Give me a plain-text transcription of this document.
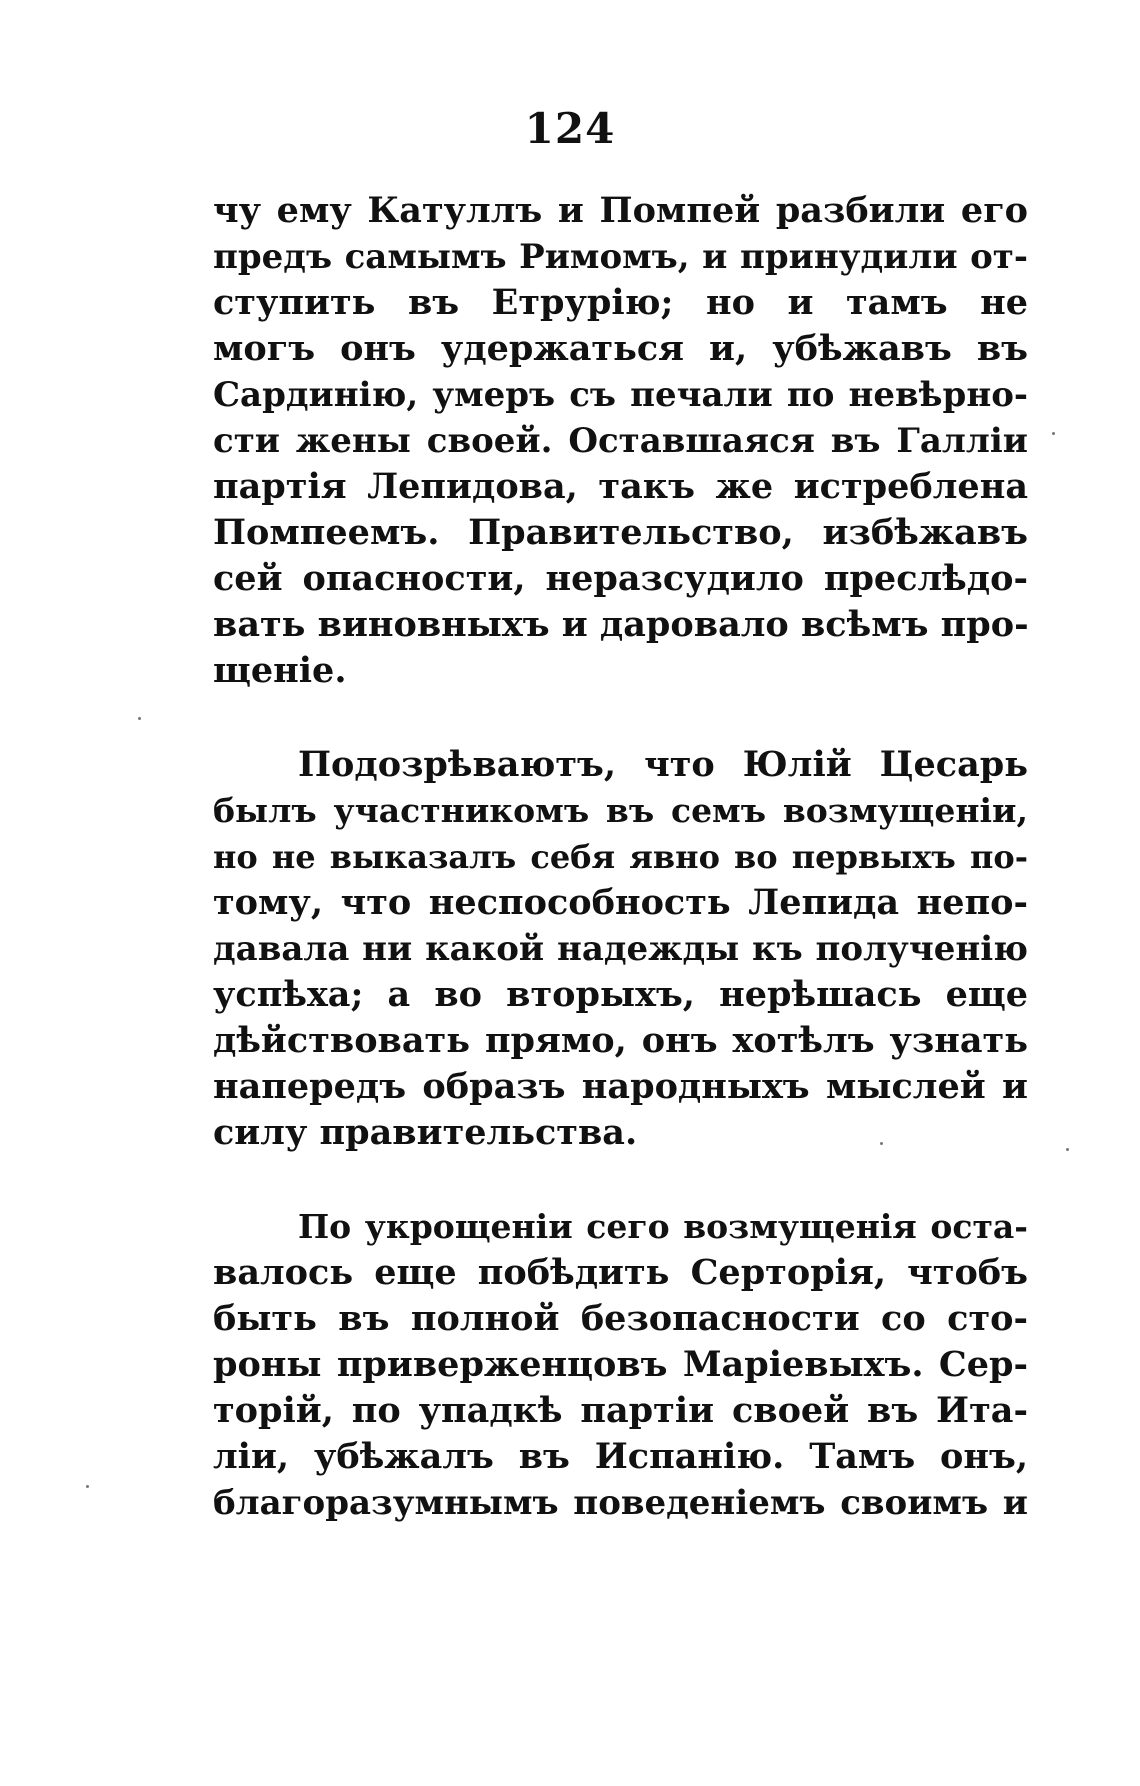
124

чу ему Катуллъ и Помпей разбили его
предъ самымъ Римомъ, и принудили от-
ступить въ Етрурію; но и тамъ не
могъ онъ удержаться и, убѣжавъ въ
Сардинію, умеръ съ печали по невѣрно-
сти жены своей. Оставшаяся въ Галліи
партія Лепидова, такъ же истреблена
Помпеемъ. Правительство, избѣжавъ
сей опасности, неразсудило преслѣдо-
вать виновныхъ и даровало всѣмъ про-
щеніе.

Подозрѣваютъ, что Юлій Цесарь
былъ участникомъ въ семъ возмущеніи,
но не выказалъ себя явно во первыхъ по-
тому, что неспособность Лепида непо-
давала ни какой надежды къ полученію
успѣха; а во вторыхъ, нерѣшась еще
дѣйствовать прямо, онъ хотѣлъ узнать
напередъ образъ народныхъ мыслей и
силу правительства.

По укрощеніи сего возмущенія оста-
валось еще побѣдить Серторія, чтобъ
быть въ полной безопасности со сто-
роны приверженцовъ Маріевыхъ. Сер-
торій, по упадкѣ партіи своей въ Ита-
ліи, убѣжалъ въ Испанію. Тамъ онъ,
благоразумнымъ поведеніемъ своимъ и
